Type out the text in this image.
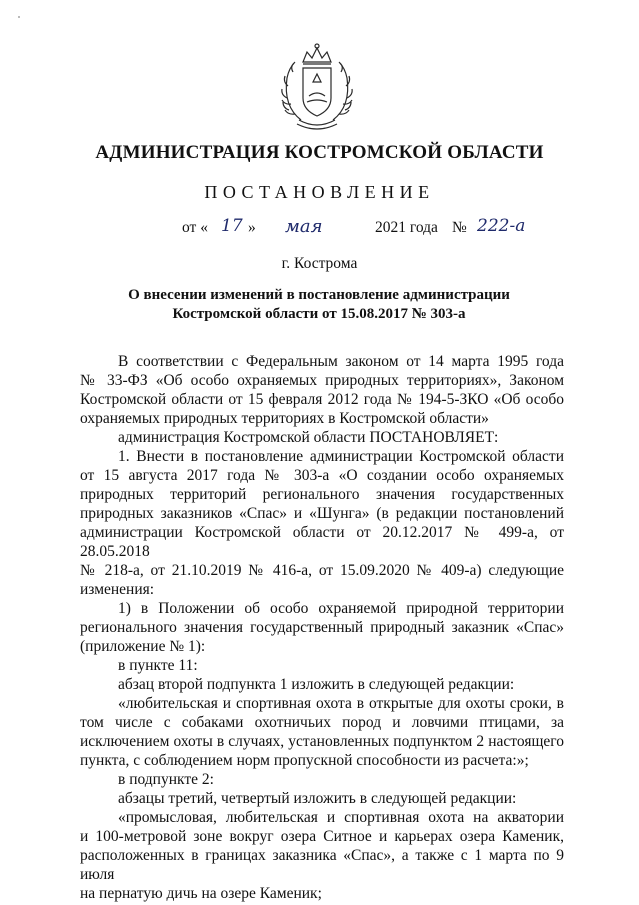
АДМИНИСТРАЦИЯ КОСТРОМСКОЙ ОБЛАСТИ
ПОСТАНОВЛЕНИЕ
от « 17 » мая	2021 года № 222-а
г. Кострома
О внесении изменений в постановление администрации
Костромской области от 15.08.2017 № 303-а

В соответствии с Федеральным законом от 14 марта 1995 года

№ 33-ФЗ «Об особо охраняемых природных территориях», Законом

Костромской области от 15 февраля 2012 года № 194-5-ЗКО «Об особо

охраняемых природных территориях в Костромской области»

администрация Костромской области ПОСТАНОВЛЯЕТ:

1. Внести в постановление администрации Костромской области

от 15 августа 2017 года № 303-а «О создании особо охраняемых

природных территорий регионального значения государственных

природных заказников «Спас» и «Шунга» (в редакции постановлений

администрации Костромской области от 20.12.2017 № 499-а, от 28.05.2018

№ 218-а, от 21.10.2019 № 416-а, от 15.09.2020 № 409-а) следующие

изменения:

1) в Положении об особо охраняемой природной территории

регионального значения государственный природный заказник «Спас»

(приложение № 1):

в пункте 11:

абзац второй подпункта 1 изложить в следующей редакции:

«любительская и спортивная охота в открытые для охоты сроки, в

том числе с собаками охотничьих пород и ловчими птицами, за

исключением охоты в случаях, установленных подпунктом 2 настоящего

пункта, с соблюдением норм пропускной способности из расчета:»;

в подпункте 2:

абзацы третий, четвертый изложить в следующей редакции:

«промысловая, любительская и спортивная охота на акватории

и 100-метровой зоне вокруг озера Ситное и карьерах озера Каменик,

расположенных в границах заказника «Спас», а также с 1 марта по 9 июля

на пернатую дичь на озере Каменик;
